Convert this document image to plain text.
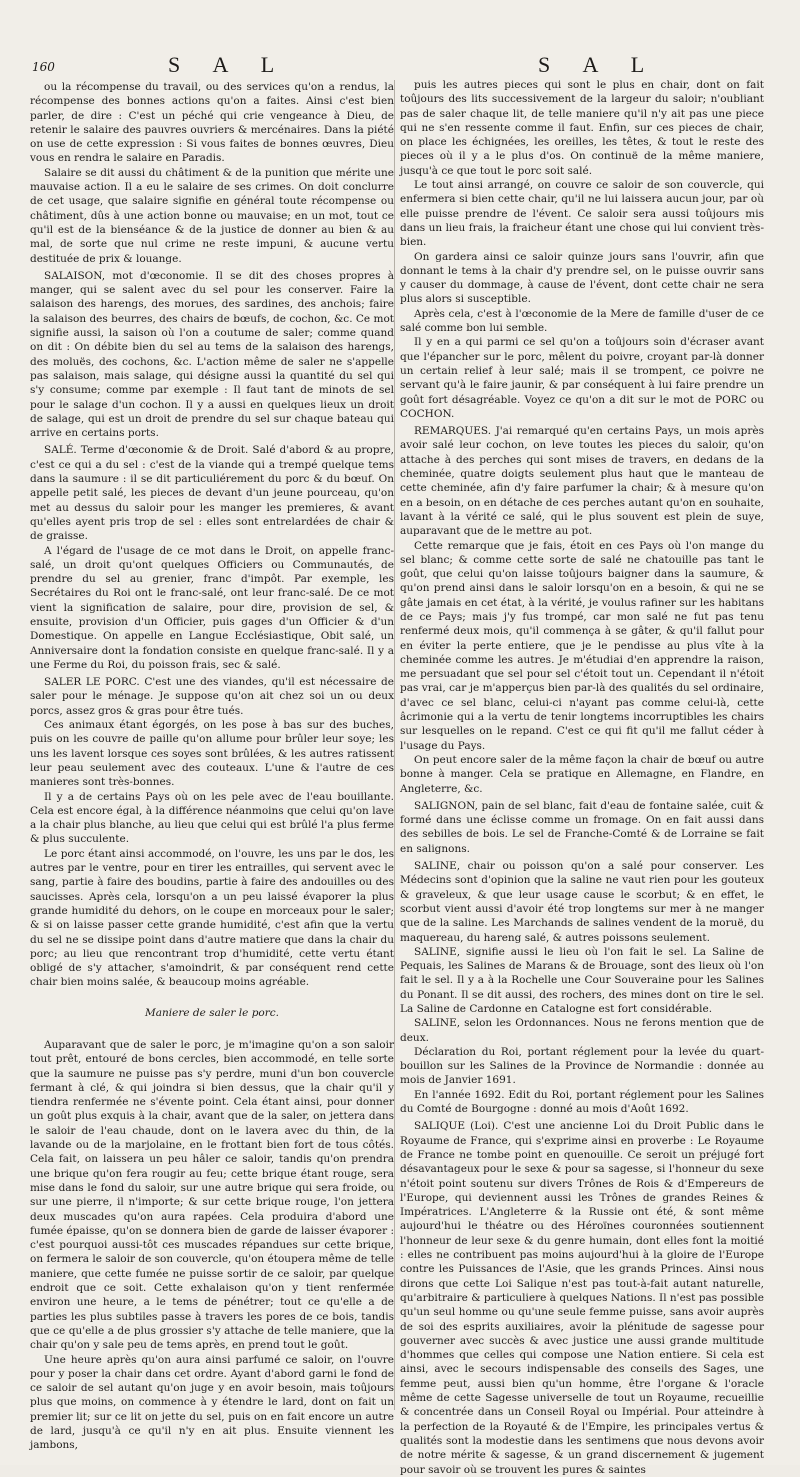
160	S A L	S A L

ou la récompense du travail, ou des services qu'on a rendus, la récompense des bonnes actions qu'on a faites. Ainsi c'est bien parler, de dire : C'est un péché qui crie vengeance à Dieu, de retenir le salaire des pauvres ouvriers & mercénaires. Dans la piété on use de cette expression : Si vous faites de bonnes œuvres, Dieu vous en rendra le salaire en Paradis.

Salaire se dit aussi du châtiment & de la punition que mérite une mauvaise action. Il a eu le salaire de ses crimes. On doit conclurre de cet usage, que salaire signifie en général toute récompense ou châtiment, dûs à une action bonne ou mauvaise; en un mot, tout ce qu'il est de la bienséance & de la justice de donner au bien & au mal, de sorte que nul crime ne reste impuni, & aucune vertu destituée de prix & louange.

SALAISON, mot d'œconomie. Il se dit des choses propres à manger, qui se salent avec du sel pour les conserver. Faire la salaison des harengs, des morues, des sardines, des anchois; faire la salaison des beurres, des chairs de bœufs, de cochon, &c. Ce mot signifie aussi, la saison où l'on a coutume de saler; comme quand on dit : On débite bien du sel au tems de la salaison des harengs, des moluës, des cochons, &c. L'action même de saler ne s'appelle pas salaison, mais salage, qui désigne aussi la quantité du sel qui s'y consume; comme par exemple : Il faut tant de minots de sel pour le salage d'un cochon. Il y a aussi en quelques lieux un droit de salage, qui est un droit de prendre du sel sur chaque bateau qui arrive en certains ports.

SALÉ. Terme d'œconomie & de Droit. Salé d'abord & au propre, c'est ce qui a du sel : c'est de la viande qui a trempé quelque tems dans la saumure : il se dit particuliérement du porc & du bœuf. On appelle petit salé, les pieces de devant d'un jeune pourceau, qu'on met au dessus du saloir pour les manger les premieres, & avant qu'elles ayent pris trop de sel : elles sont entrelardées de chair & de graisse.

A l'égard de l'usage de ce mot dans le Droit, on appelle franc-salé, un droit qu'ont quelques Officiers ou Communautés, de prendre du sel au grenier, franc d'impôt. Par exemple, les Secrétaires du Roi ont le franc-salé, ont leur franc-salé. De ce mot vient la signification de salaire, pour dire, provision de sel, & ensuite, provision d'un Officier, puis gages d'un Officier & d'un Domestique. On appelle en Langue Ecclésiastique, Obit salé, un Anniversaire dont la fondation consiste en quelque franc-salé. Il y a une Ferme du Roi, du poisson frais, sec & salé.

SALER LE PORC. C'est une des viandes, qu'il est nécessaire de saler pour le ménage. Je suppose qu'on ait chez soi un ou deux porcs, assez gros & gras pour être tués.

Ces animaux étant égorgés, on les pose à bas sur des buches, puis on les couvre de paille qu'on allume pour brûler leur soye; les uns les lavent lorsque ces soyes sont brûlées, & les autres ratissent leur peau seulement avec des couteaux. L'une & l'autre de ces manieres sont très-bonnes.

Il y a de certains Pays où on les pele avec de l'eau bouillante. Cela est encore égal, à la différence néanmoins que celui qu'on lave a la chair plus blanche, au lieu que celui qui est brûlé l'a plus ferme & plus succulente.

Le porc étant ainsi accommodé, on l'ouvre, les uns par le dos, les autres par le ventre, pour en tirer les entrailles, qui servent avec le sang, partie à faire des boudins, partie à faire des andouilles ou des saucisses. Après cela, lorsqu'on a un peu laissé évaporer la plus grande humidité du dehors, on le coupe en morceaux pour le saler; & si on laisse passer cette grande humidité, c'est afin que la vertu du sel ne se dissipe point dans d'autre matiere que dans la chair du porc; au lieu que rencontrant trop d'humidité, cette vertu étant obligé de s'y attacher, s'amoindrit, & par conséquent rend cette chair bien moins salée, & beaucoup moins agréable.

Maniere de saler le porc.

Auparavant que de saler le porc, je m'imagine qu'on a son saloir tout prêt, entouré de bons cercles, bien accommodé, en telle sorte que la saumure ne puisse pas s'y perdre, muni d'un bon couvercle fermant à clé, & qui joindra si bien dessus, que la chair qu'il y tiendra renfermée ne s'évente point. Cela étant ainsi, pour donner un goût plus exquis à la chair, avant que de la saler, on jettera dans le saloir de l'eau chaude, dont on le lavera avec du thin, de la lavande ou de la marjolaine, en le frottant bien fort de tous côtés. Cela fait, on laissera un peu hâler ce saloir, tandis qu'on prendra une brique qu'on fera rougir au feu; cette brique étant rouge, sera mise dans le fond du saloir, sur une autre brique qui sera froide, ou sur une pierre, il n'importe; & sur cette brique rouge, l'on jettera deux muscades qu'on aura rapées. Cela produira d'abord une fumée épaisse, qu'on se donnera bien de garde de laisser évaporer : c'est pourquoi aussi-tôt ces muscades répandues sur cette brique, on fermera le saloir de son couvercle, qu'on étoupera même de telle maniere, que cette fumée ne puisse sortir de ce saloir, par quelque endroit que ce soit. Cette exhalaison qu'on y tient renfermée environ une heure, a le tems de pénétrer; tout ce qu'elle a de parties les plus subtiles passe à travers les pores de ce bois, tandis que ce qu'elle a de plus grossier s'y attache de telle maniere, que la chair qu'on y sale peu de tems après, en prend tout le goût.

Une heure après qu'on aura ainsi parfumé ce saloir, on l'ouvre pour y poser la chair dans cet ordre. Ayant d'abord garni le fond de ce saloir de sel autant qu'on juge y en avoir besoin, mais toûjours plus que moins, on commence à y étendre le lard, dont on fait un premier lit; sur ce lit on jette du sel, puis on en fait encore un autre de lard, jusqu'à ce qu'il n'y en ait plus. Ensuite viennent les jambons,

puis les autres pieces qui sont le plus en chair, dont on fait toûjours des lits successivement de la largeur du saloir; n'oubliant pas de saler chaque lit, de telle maniere qu'il n'y ait pas une piece qui ne s'en ressente comme il faut. Enfin, sur ces pieces de chair, on place les échignées, les oreilles, les têtes, & tout le reste des pieces où il y a le plus d'os. On continuë de la même maniere, jusqu'à ce que tout le porc soit salé.

Le tout ainsi arrangé, on couvre ce saloir de son couvercle, qui enfermera si bien cette chair, qu'il ne lui laissera aucun jour, par où elle puisse prendre de l'évent. Ce saloir sera aussi toûjours mis dans un lieu frais, la fraicheur étant une chose qui lui convient très-bien.

On gardera ainsi ce saloir quinze jours sans l'ouvrir, afin que donnant le tems à la chair d'y prendre sel, on le puisse ouvrir sans y causer du dommage, à cause de l'évent, dont cette chair ne sera plus alors si susceptible.

Après cela, c'est à l'œconomie de la Mere de famille d'user de ce salé comme bon lui semble.

Il y en a qui parmi ce sel qu'on a toûjours soin d'écraser avant que l'épancher sur le porc, mêlent du poivre, croyant par-là donner un certain relief à leur salé; mais il se trompent, ce poivre ne servant qu'à le faire jaunir, & par conséquent à lui faire prendre un goût fort désagréable. Voyez ce qu'on a dit sur le mot de PORC ou COCHON.

REMARQUES. J'ai remarqué qu'en certains Pays, un mois après avoir salé leur cochon, on leve toutes les pieces du saloir, qu'on attache à des perches qui sont mises de travers, en dedans de la cheminée, quatre doigts seulement plus haut que le manteau de cette cheminée, afin d'y faire parfumer la chair; & à mesure qu'on en a besoin, on en détache de ces perches autant qu'on en souhaite, lavant à la vérité ce salé, qui le plus souvent est plein de suye, auparavant que de le mettre au pot.

Cette remarque que je fais, étoit en ces Pays où l'on mange du sel blanc; & comme cette sorte de salé ne chatouille pas tant le goût, que celui qu'on laisse toûjours baigner dans la saumure, & qu'on prend ainsi dans le saloir lorsqu'on en a besoin, & qui ne se gâte jamais en cet état, à la vérité, je voulus rafiner sur les habitans de ce Pays; mais j'y fus trompé, car mon salé ne fut pas tenu renfermé deux mois, qu'il commença à se gâter, & qu'il fallut pour en éviter la perte entiere, que je le pendisse au plus vîte à la cheminée comme les autres. Je m'étudiai d'en apprendre la raison, me persuadant que sel pour sel c'étoit tout un. Cependant il n'étoit pas vrai, car je m'apperçus bien par-là des qualités du sel ordinaire, d'avec ce sel blanc, celui-ci n'ayant pas comme celui-là, cette âcrimonie qui a la vertu de tenir longtems incorruptibles les chairs sur lesquelles on le repand. C'est ce qui fit qu'il me fallut céder à l'usage du Pays.

On peut encore saler de la même façon la chair de bœuf ou autre bonne à manger. Cela se pratique en Allemagne, en Flandre, en Angleterre, &c.

SALIGNON, pain de sel blanc, fait d'eau de fontaine salée, cuit & formé dans une éclisse comme un fromage. On en fait aussi dans des sebilles de bois. Le sel de Franche-Comté & de Lorraine se fait en salignons.

SALINE, chair ou poisson qu'on a salé pour conserver. Les Médecins sont d'opinion que la saline ne vaut rien pour les gouteux & graveleux, & que leur usage cause le scorbut; & en effet, le scorbut vient aussi d'avoir été trop longtems sur mer à ne manger que de la saline. Les Marchands de salines vendent de la moruë, du maquereau, du hareng salé, & autres poissons seulement.

SALINE, signifie aussi le lieu où l'on fait le sel. La Saline de Pequais, les Salines de Marans & de Brouage, sont des lieux où l'on fait le sel. Il y a à la Rochelle une Cour Souveraine pour les Salines du Ponant. Il se dit aussi, des rochers, des mines dont on tire le sel. La Saline de Cardonne en Catalogne est fort considérable.

SALINE, selon les Ordonnances. Nous ne ferons mention que de deux.

Déclaration du Roi, portant réglement pour la levée du quart-bouillon sur les Salines de la Province de Normandie : donnée au mois de Janvier 1691.

En l'année 1692. Edit du Roi, portant réglement pour les Salines du Comté de Bourgogne : donné au mois d'Août 1692.

SALIQUE (Loi). C'est une ancienne Loi du Droit Public dans le Royaume de France, qui s'exprime ainsi en proverbe : Le Royaume de France ne tombe point en quenouille. Ce seroit un préjugé fort désavantageux pour le sexe & pour sa sagesse, si l'honneur du sexe n'étoit point soutenu sur divers Trônes de Rois & d'Empereurs de l'Europe, qui deviennent aussi les Trônes de grandes Reines & Impératrices. L'Angleterre & la Russie ont été, & sont même aujourd'hui le théatre ou des Héroïnes couronnées soutiennent l'honneur de leur sexe & du genre humain, dont elles font la moitié : elles ne contribuent pas moins aujourd'hui à la gloire de l'Europe contre les Puissances de l'Asie, que les grands Princes. Ainsi nous dirons que cette Loi Salique n'est pas tout-à-fait autant naturelle, qu'arbitraire & particuliere à quelques Nations. Il n'est pas possible qu'un seul homme ou qu'une seule femme puisse, sans avoir auprès de soi des esprits auxiliaires, avoir la plénitude de sagesse pour gouverner avec succès & avec justice une aussi grande multitude d'hommes que celles qui compose une Nation entiere. Si cela est ainsi, avec le secours indispensable des conseils des Sages, une femme peut, aussi bien qu'un homme, être l'organe & l'oracle même de cette Sagesse universelle de tout un Royaume, recueillie & concentrée dans un Conseil Royal ou Impérial. Pour atteindre à la perfection de la Royauté & de l'Empire, les principales vertus & qualités sont la modestie dans les sentimens que nous devons avoir de notre mérite & sagesse, & un grand discernement & jugement pour savoir où se trouvent les pures & saintes
